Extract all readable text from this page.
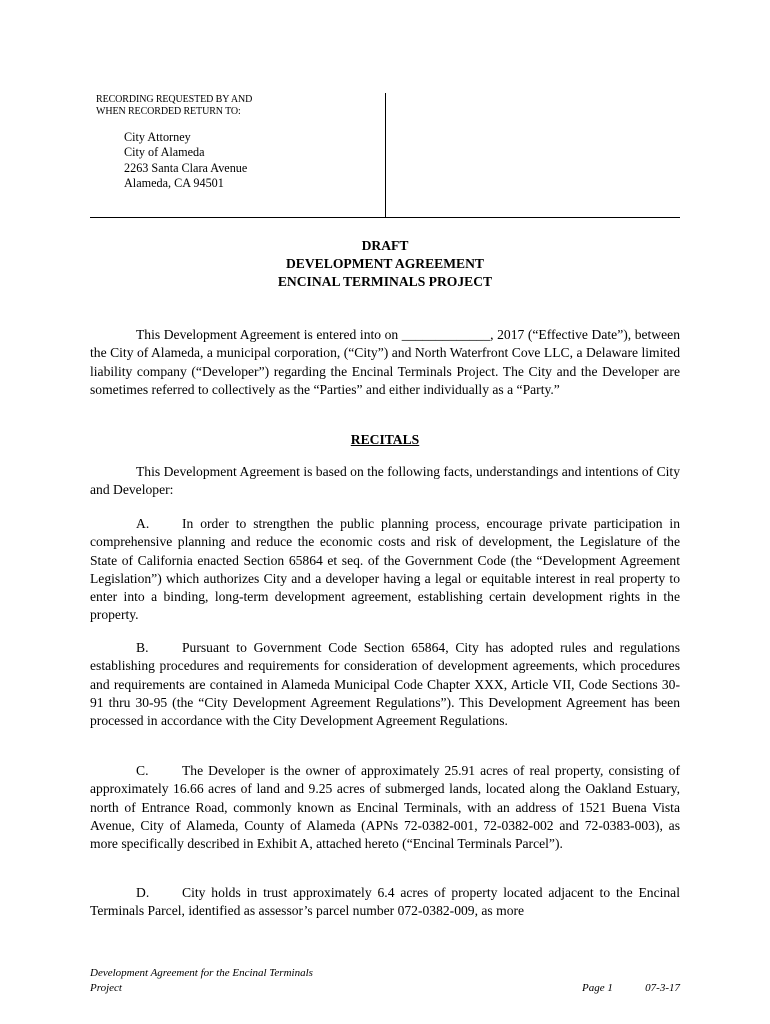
RECORDING REQUESTED BY AND
WHEN RECORDED RETURN TO:
City Attorney
City of Alameda
2263 Santa Clara Avenue
Alameda, CA 94501
DRAFT
DEVELOPMENT AGREEMENT
ENCINAL TERMINALS PROJECT

This Development Agreement is entered into on _____________, 2017 (“Effective Date”), between the City of Alameda, a municipal corporation, (“City”) and North Waterfront Cove LLC, a Delaware limited liability company (“Developer”) regarding the Encinal Terminals Project. The City and the Developer are sometimes referred to collectively as the “Parties” and either individually as a “Party.”

RECITALS

This Development Agreement is based on the following facts, understandings and intentions of City and Developer:

A. In order to strengthen the public planning process, encourage private participation in comprehensive planning and reduce the economic costs and risk of development, the Legislature of the State of California enacted Section 65864 et seq. of the Government Code (the “Development Agreement Legislation”) which authorizes City and a developer having a legal or equitable interest in real property to enter into a binding, long-term development agreement, establishing certain development rights in the property.

B. Pursuant to Government Code Section 65864, City has adopted rules and regulations establishing procedures and requirements for consideration of development agreements, which procedures and requirements are contained in Alameda Municipal Code Chapter XXX, Article VII, Code Sections 30-91 thru 30-95 (the “City Development Agreement Regulations”). This Development Agreement has been processed in accordance with the City Development Agreement Regulations.

C. The Developer is the owner of approximately 25.91 acres of real property, consisting of approximately 16.66 acres of land and 9.25 acres of submerged lands, located along the Oakland Estuary, north of Entrance Road, commonly known as Encinal Terminals, with an address of 1521 Buena Vista Avenue, City of Alameda, County of Alameda (APNs 72-0382-001, 72-0382-002 and 72-0383-003), as more specifically described in Exhibit A, attached hereto (“Encinal Terminals Parcel”).

D. City holds in trust approximately 6.4 acres of property located adjacent to the Encinal Terminals Parcel, identified as assessor’s parcel number 072-0382-009, as more

Development Agreement for the Encinal Terminals
Project	Page 1	07-3-17
